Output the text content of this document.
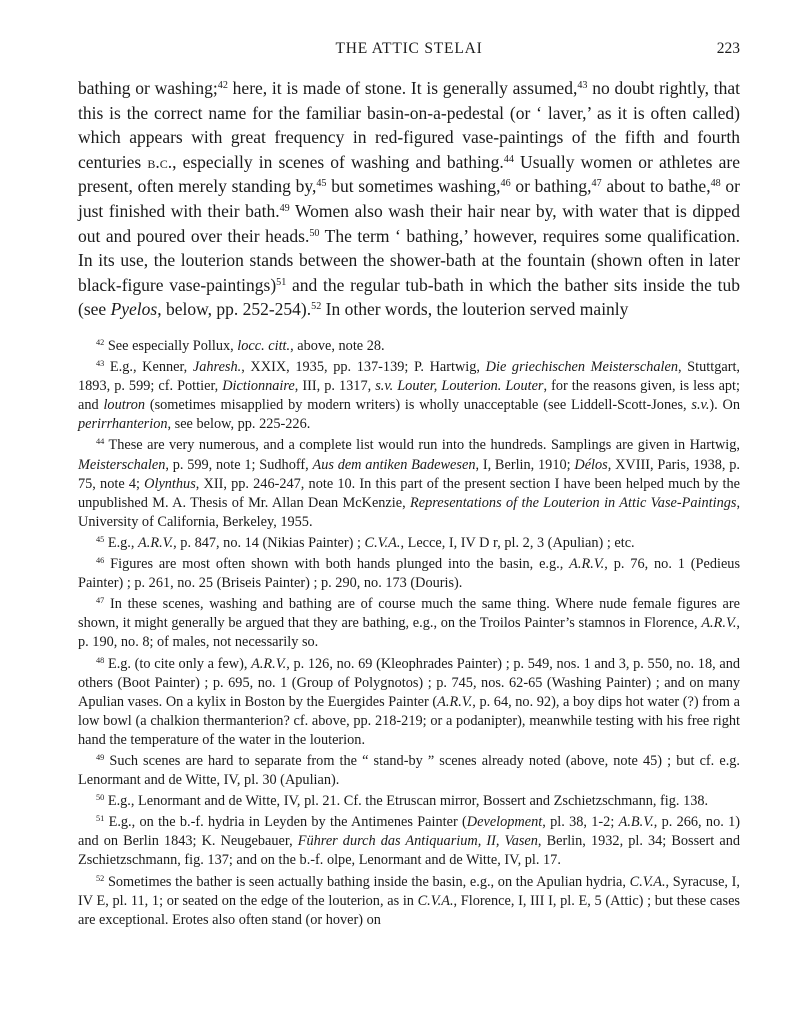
THE ATTIC STELAI	223

bathing or washing;$^{42}$ here, it is made of stone. It is generally assumed,$^{43}$ no doubt rightly, that this is the correct name for the familiar basin-on-a-pedestal (or ‘ laver,’ as it is often called) which appears with great frequency in red-figured vase-paintings of the fifth and fourth centuries b.c., especially in scenes of washing and bathing.$^{44}$ Usually women or athletes are present, often merely standing by,$^{45}$ but sometimes washing,$^{46}$ or bathing,$^{47}$ about to bathe,$^{48}$ or just finished with their bath.$^{49}$ Women also wash their hair near by, with water that is dipped out and poured over their heads.$^{50}$ The term ‘ bathing,’ however, requires some qualification. In its use, the louterion stands between the shower-bath at the fountain (shown often in later black-figure vase-paintings)$^{51}$ and the regular tub-bath in which the bather sits inside the tub (see Pyelos, below, pp. 252-254).$^{52}$ In other words, the louterion served mainly

$^{42}$ See especially Pollux, locc. citt., above, note 28.

$^{43}$ E.g., Kenner, Jahresh., XXIX, 1935, pp. 137-139; P. Hartwig, Die griechischen Meisterschalen, Stuttgart, 1893, p. 599; cf. Pottier, Dictionnaire, III, p. 1317, s.v. Louter, Louterion. Louter, for the reasons given, is less apt; and loutron (sometimes misapplied by modern writers) is wholly unacceptable (see Liddell-Scott-Jones, s.v.). On perirrhanterion, see below, pp. 225-226.

$^{44}$ These are very numerous, and a complete list would run into the hundreds. Samplings are given in Hartwig, Meisterschalen, p. 599, note 1; Sudhoff, Aus dem antiken Badewesen, I, Berlin, 1910; Délos, XVIII, Paris, 1938, p. 75, note 4; Olynthus, XII, pp. 246-247, note 10. In this part of the present section I have been helped much by the unpublished M. A. Thesis of Mr. Allan Dean McKenzie, Representations of the Louterion in Attic Vase-Paintings, University of California, Berkeley, 1955.

$^{45}$ E.g., A.R.V., p. 847, no. 14 (Nikias Painter) ; C.V.A., Lecce, I, IV D r, pl. 2, 3 (Apulian) ; etc.

$^{46}$ Figures are most often shown with both hands plunged into the basin, e.g., A.R.V., p. 76, no. 1 (Pedieus Painter) ; p. 261, no. 25 (Briseis Painter) ; p. 290, no. 173 (Douris).

$^{47}$ In these scenes, washing and bathing are of course much the same thing. Where nude female figures are shown, it might generally be argued that they are bathing, e.g., on the Troilos Painter’s stamnos in Florence, A.R.V., p. 190, no. 8; of males, not necessarily so.

$^{48}$ E.g. (to cite only a few), A.R.V., p. 126, no. 69 (Kleophrades Painter) ; p. 549, nos. 1 and 3, p. 550, no. 18, and others (Boot Painter) ; p. 695, no. 1 (Group of Polygnotos) ; p. 745, nos. 62-65 (Washing Painter) ; and on many Apulian vases. On a kylix in Boston by the Euergides Painter (A.R.V., p. 64, no. 92), a boy dips hot water (?) from a low bowl (a chalkion thermanterion? cf. above, pp. 218-219; or a podanipter), meanwhile testing with his free right hand the temperature of the water in the louterion.

$^{49}$ Such scenes are hard to separate from the “ stand-by ” scenes already noted (above, note 45) ; but cf. e.g. Lenormant and de Witte, IV, pl. 30 (Apulian).

$^{50}$ E.g., Lenormant and de Witte, IV, pl. 21. Cf. the Etruscan mirror, Bossert and Zschietzschmann, fig. 138.

$^{51}$ E.g., on the b.-f. hydria in Leyden by the Antimenes Painter (Development, pl. 38, 1-2; A.B.V., p. 266, no. 1) and on Berlin 1843; K. Neugebauer, Führer durch das Antiquarium, II, Vasen, Berlin, 1932, pl. 34; Bossert and Zschietzschmann, fig. 137; and on the b.-f. olpe, Lenormant and de Witte, IV, pl. 17.

$^{52}$ Sometimes the bather is seen actually bathing inside the basin, e.g., on the Apulian hydria, C.V.A., Syracuse, I, IV E, pl. 11, 1; or seated on the edge of the louterion, as in C.V.A., Florence, I, III I, pl. E, 5 (Attic) ; but these cases are exceptional. Erotes also often stand (or hover) on
